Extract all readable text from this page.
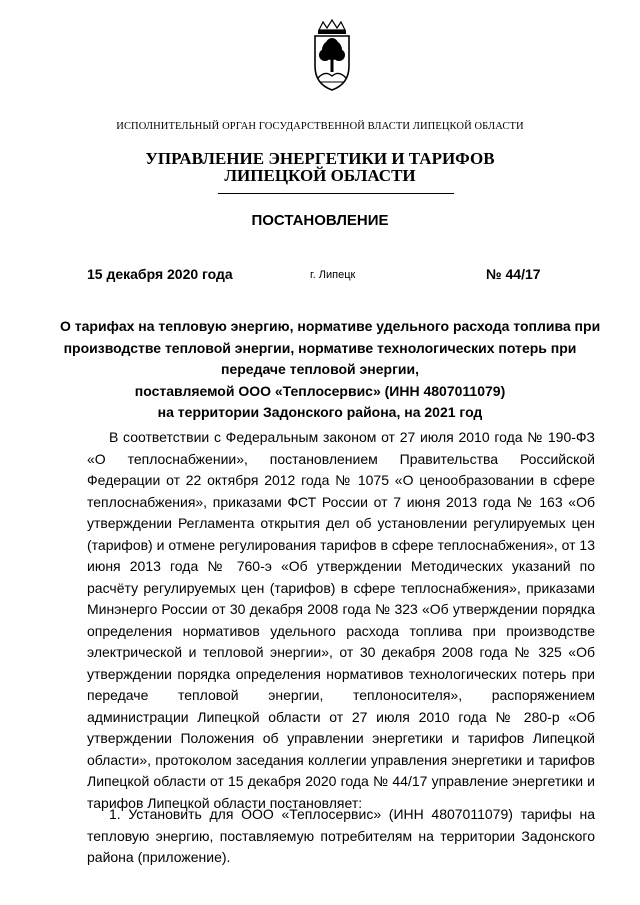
ИСПОЛНИТЕЛЬНЫЙ ОРГАН ГОСУДАРСТВЕННОЙ ВЛАСТИ ЛИПЕЦКОЙ ОБЛАСТИ
УПРАВЛЕНИЕ ЭНЕРГЕТИКИ И ТАРИФОВ
ЛИПЕЦКОЙ ОБЛАСТИ
ПОСТАНОВЛЕНИЕ
15 декабря 2020 года	г. Липецк	№ 44/17
О тарифах на тепловую энергию, нормативе удельного расхода топлива при
производстве тепловой энергии, нормативе технологических потерь при
передаче тепловой энергии,
поставляемой ООО «Теплосервис» (ИНН 4807011079)
на территории Задонского района, на 2021 год

В соответствии с Федеральным законом от 27 июля 2010 года № 190-ФЗ «О теплоснабжении», постановлением Правительства Российской Федерации от 22 октября 2012 года № 1075 «О ценообразовании в сфере теплоснабжения», приказами ФСТ России от 7 июня 2013 года № 163 «Об утверждении Регламента открытия дел об установлении регулируемых цен (тарифов) и отмене регулирования тарифов в сфере теплоснабжения», от 13 июня 2013 года № 760-э «Об утверждении Методических указаний по расчёту регулируемых цен (тарифов) в сфере теплоснабжения», приказами Минэнерго России от 30 декабря 2008 года № 323 «Об утверждении порядка определения нормативов удельного расхода топлива при производстве электрической и тепловой энергии», от 30 декабря 2008 года № 325 «Об утверждении порядка определения нормативов технологических потерь при передаче тепловой энергии, теплоносителя», распоряжением администрации Липецкой области от 27 июля 2010 года № 280-р «Об утверждении Положения об управлении энергетики и тарифов Липецкой области», протоколом заседания коллегии управления энергетики и тарифов Липецкой области от 15 декабря 2020 года № 44/17 управление энергетики и тарифов Липецкой области постановляет:

1. Установить для ООО «Теплосервис» (ИНН 4807011079) тарифы на тепловую энергию, поставляемую потребителям на территории Задонского района (приложение).
